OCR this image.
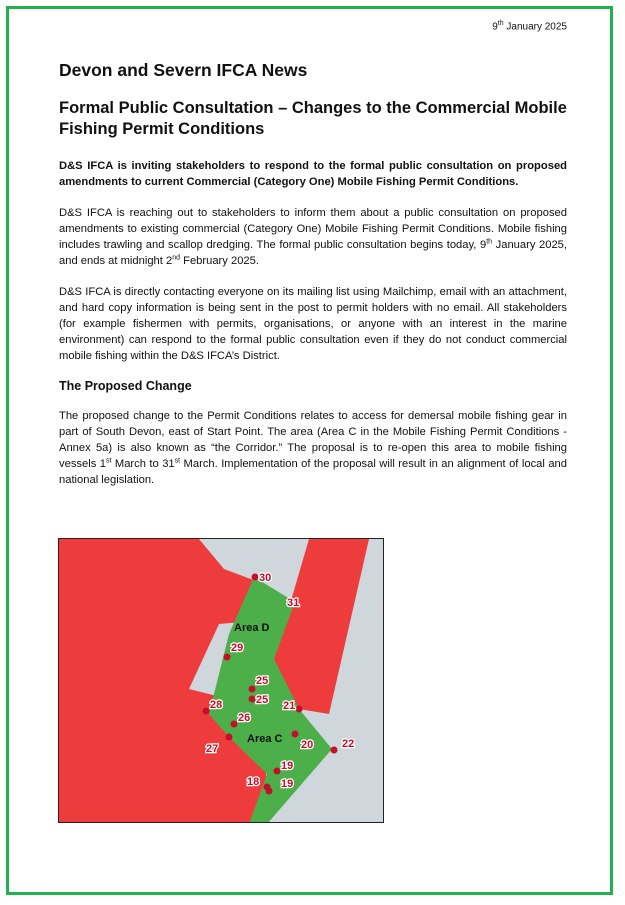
9th January 2025
Devon and Severn IFCA News
Formal Public Consultation – Changes to the Commercial Mobile Fishing Permit Conditions

D&S IFCA is inviting stakeholders to respond to the formal public consultation on proposed amendments to current Commercial (Category One) Mobile Fishing Permit Conditions.

D&S IFCA is reaching out to stakeholders to inform them about a public consultation on proposed amendments to existing commercial (Category One) Mobile Fishing Permit Conditions. Mobile fishing includes trawling and scallop dredging. The formal public consultation begins today, 9th January 2025, and ends at midnight 2nd February 2025.

D&S IFCA is directly contacting everyone on its mailing list using Mailchimp, email with an attachment, and hard copy information is being sent in the post to permit holders with no email. All stakeholders (for example fishermen with permits, organisations, or anyone with an interest in the marine environment) can respond to the formal public consultation even if they do not conduct commercial mobile fishing within the D&S IFCA’s District.

The Proposed Change

The proposed change to the Permit Conditions relates to access for demersal mobile fishing gear in part of South Devon, east of Start Point. The area (Area C in the Mobile Fishing Permit Conditions - Annex 5a) is also known as “the Corridor.” The proposal is to re-open this area to mobile fishing vessels 1st March to 31st March. Implementation of the proposal will result in an alignment of local and national legislation.

Area D
Area C
30
31
29
25
25
28
26
21
27	20	22
19
18 19
